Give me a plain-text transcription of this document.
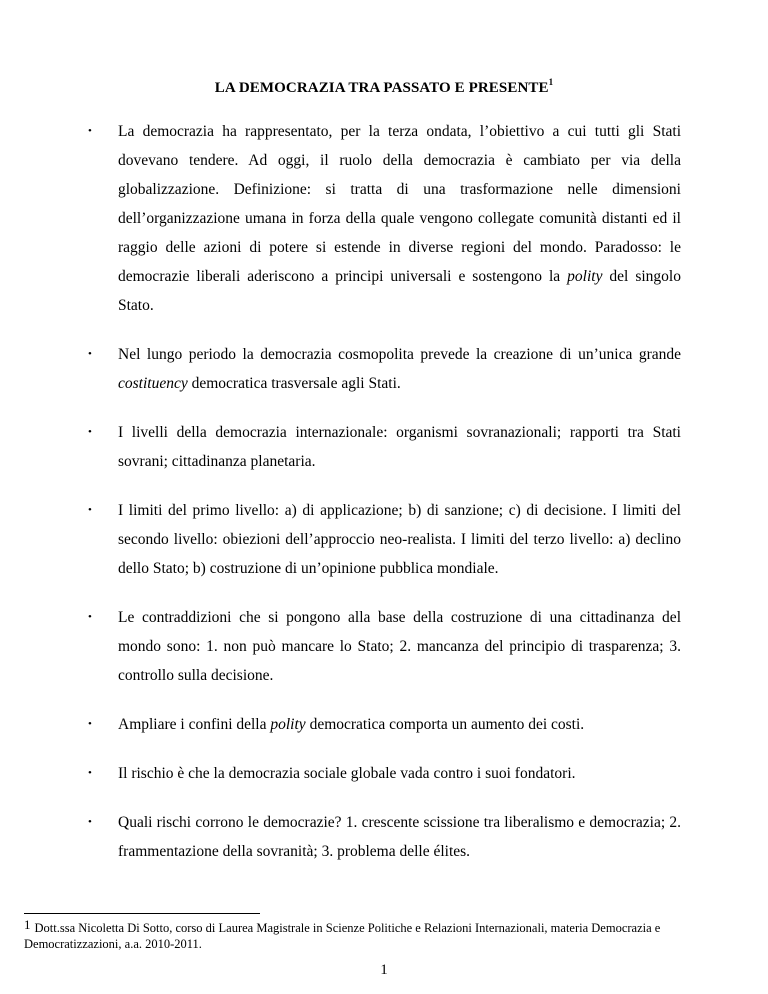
LA DEMOCRAZIA TRA PASSATO E PRESENTE$^1$
• La democrazia ha rappresentato, per la terza ondata, l’obiettivo a cui tutti gli Stati dovevano tendere. Ad oggi, il ruolo della democrazia è cambiato per via della globalizzazione. Definizione: si tratta di una trasformazione nelle dimensioni dell’organizzazione umana in forza della quale vengono collegate comunità distanti ed il raggio delle azioni di potere si estende in diverse regioni del mondo. Paradosso: le democrazie liberali aderiscono a principi universali e sostengono la polity del singolo Stato.
• Nel lungo periodo la democrazia cosmopolita prevede la creazione di un’unica grande costituency democratica trasversale agli Stati.
• I livelli della democrazia internazionale: organismi sovranazionali; rapporti tra Stati sovrani; cittadinanza planetaria.
• I limiti del primo livello: a) di applicazione; b) di sanzione; c) di decisione. I limiti del secondo livello: obiezioni dell’approccio neo-realista. I limiti del terzo livello: a) declino dello Stato; b) costruzione di un’opinione pubblica mondiale.
• Le contraddizioni che si pongono alla base della costruzione di una cittadinanza del mondo sono: 1. non può mancare lo Stato; 2. mancanza del principio di trasparenza; 3. controllo sulla decisione.
• Ampliare i confini della polity democratica comporta un aumento dei costi.
• Il rischio è che la democrazia sociale globale vada contro i suoi fondatori.
• Quali rischi corrono le democrazie? 1. crescente scissione tra liberalismo e democrazia; 2. frammentazione della sovranità; 3. problema delle élites.
$^1$ Dott.ssa Nicoletta Di Sotto, corso di Laurea Magistrale in Scienze Politiche e Relazioni Internazionali, materia Democrazia e Democratizzazioni, a.a. 2010-2011.
1
